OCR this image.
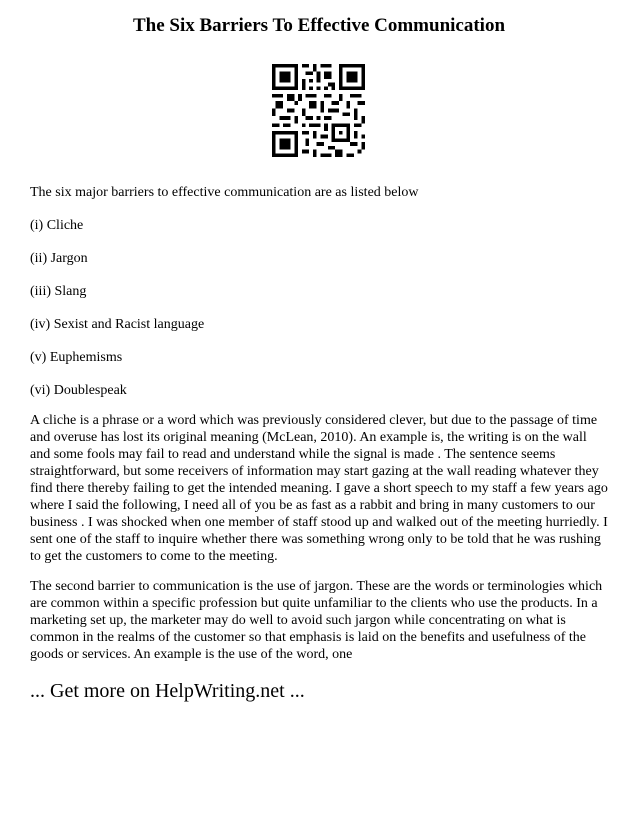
The Six Barriers To Effective Communication

The six major barriers to effective communication are as listed below

(i) Cliche
(ii) Jargon
(iii) Slang
(iv) Sexist and Racist language
(v) Euphemisms
(vi) Doublespeak

A cliche is a phrase or a word which was previously considered clever, but due to the passage of time and overuse has lost its original meaning (McLean, 2010). An example is, the writing is on the wall and some fools may fail to read and understand while the signal is made . The sentence seems straightforward, but some receivers of information may start gazing at the wall reading whatever they find there thereby failing to get the intended meaning. I gave a short speech to my staff a few years ago where I said the following, I need all of you be as fast as a rabbit and bring in many customers to our business . I was shocked when one member of staff stood up and walked out of the meeting hurriedly. I sent one of the staff to inquire whether there was something wrong only to be told that he was rushing to get the customers to come to the meeting.

The second barrier to communication is the use of jargon. These are the words or terminologies which are common within a specific profession but quite unfamiliar to the clients who use the products. In a marketing set up, the marketer may do well to avoid such jargon while concentrating on what is common in the realms of the customer so that emphasis is laid on the benefits and usefulness of the goods or services. An example is the use of the word, one

... Get more on HelpWriting.net ...
